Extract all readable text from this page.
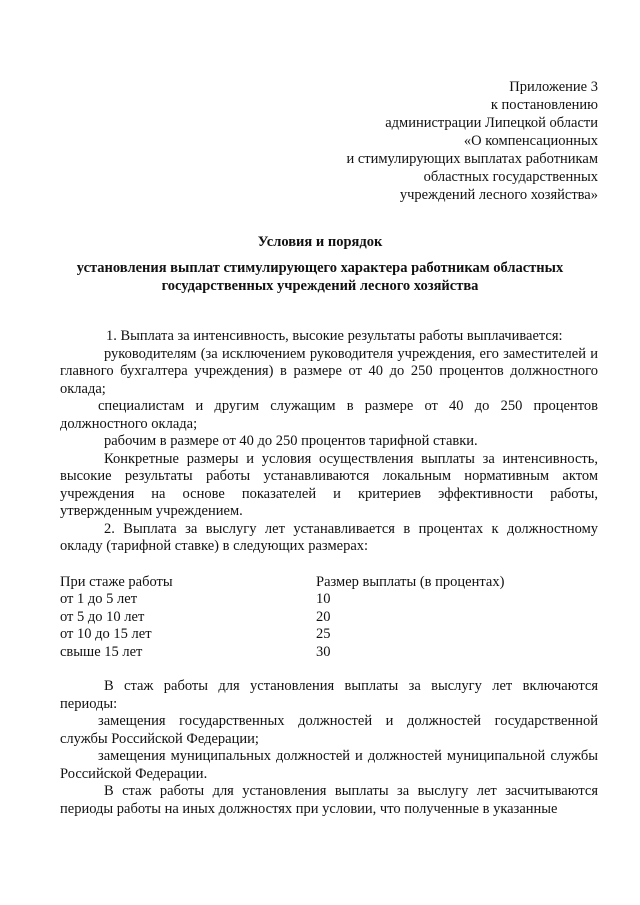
Приложение 3
к постановлению
администрации Липецкой области
«О компенсационных
и стимулирующих выплатах работникам
областных государственных
учреждений лесного хозяйства»
Условия и порядок
установления выплат стимулирующего характера работникам областных государственных учреждений лесного хозяйства
1. Выплата за интенсивность, высокие результаты работы выплачивается:
руководителям (за исключением руководителя учреждения, его заместителей и главного бухгалтера учреждения) в размере от 40 до 250 процентов должностного оклада;
специалистам и другим служащим в размере от 40 до 250 процентов должностного оклада;
рабочим в размере от 40 до 250 процентов тарифной ставки.
Конкретные размеры и условия осуществления выплаты за интенсивность, высокие результаты работы устанавливаются локальным нормативным актом учреждения на основе показателей и критериев эффективности работы, утвержденным учреждением.
2. Выплата за выслугу лет устанавливается в процентах к должностному окладу (тарифной ставке) в следующих размерах:
При стаже работы	Размер выплаты (в процентах)
от 1 до 5 лет	10
от 5 до 10 лет	20
от 10 до 15 лет	25
свыше 15 лет	30
В стаж работы для установления выплаты за выслугу лет включаются периоды:
замещения государственных должностей и должностей государственной службы Российской Федерации;
замещения муниципальных должностей и должностей муниципальной службы Российской Федерации.
В стаж работы для установления выплаты за выслугу лет засчитываются периоды работы на иных должностях при условии, что полученные в указанные
